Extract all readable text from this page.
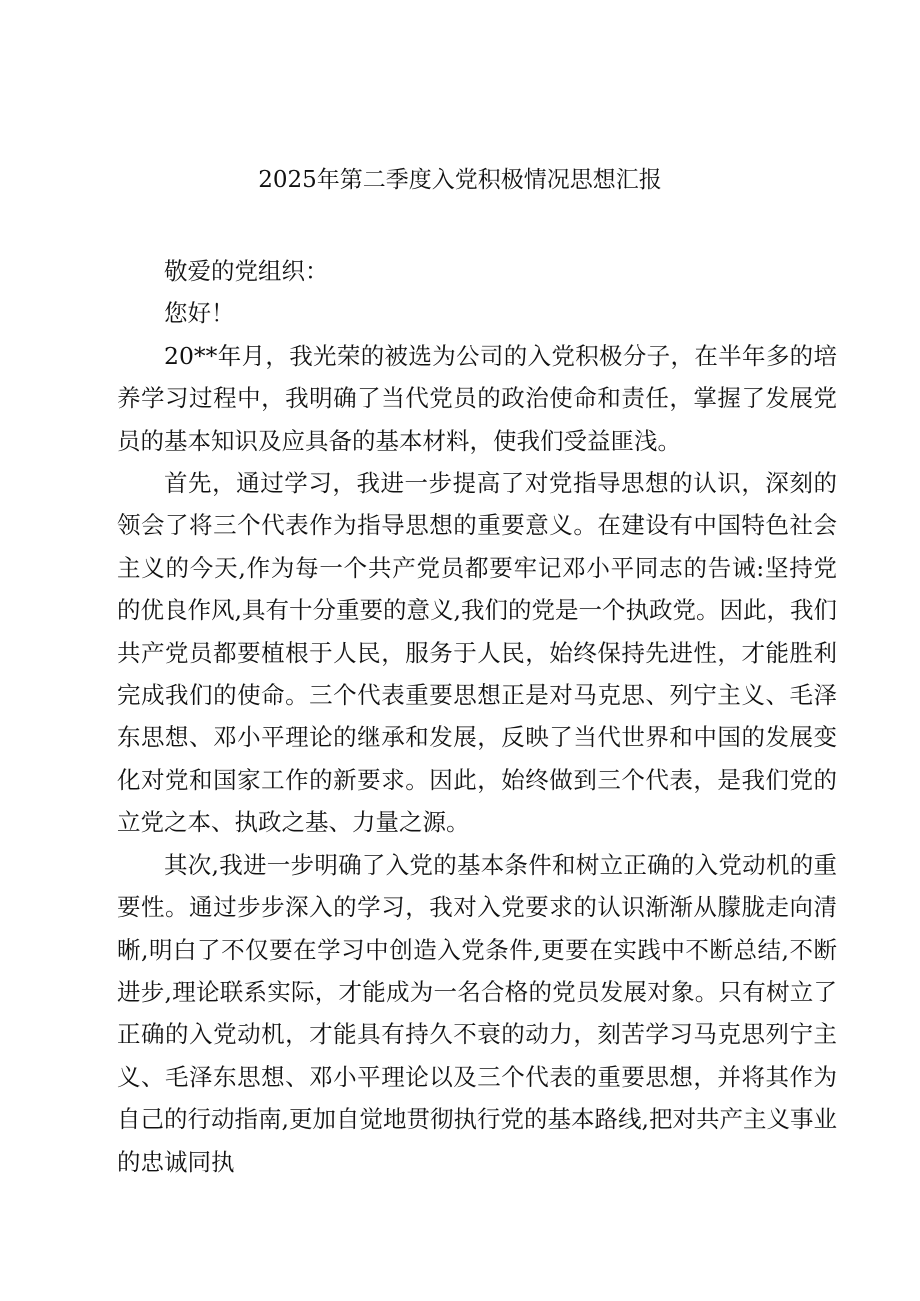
2025年第二季度入党积极情况思想汇报

敬爱的党组织：

您好！

20**年月，我光荣的被选为公司的入党积极分子，在半年多的培养学习过程中，我明确了当代党员的政治使命和责任，掌握了发展党员的基本知识及应具备的基本材料，使我们受益匪浅。

首先，通过学习，我进一步提高了对党指导思想的认识，深刻的领会了将三个代表作为指导思想的重要意义。在建设有中国特色社会主义的今天,作为每一个共产党员都要牢记邓小平同志的告诫:坚持党的优良作风,具有十分重要的意义,我们的党是一个执政党。因此，我们共产党员都要植根于人民，服务于人民，始终保持先进性，才能胜利完成我们的使命。三个代表重要思想正是对马克思、列宁主义、毛泽东思想、邓小平理论的继承和发展，反映了当代世界和中国的发展变化对党和国家工作的新要求。因此，始终做到三个代表，是我们党的立党之本、执政之基、力量之源。

其次,我进一步明确了入党的基本条件和树立正确的入党动机的重要性。通过步步深入的学习，我对入党要求的认识渐渐从朦胧走向清晰,明白了不仅要在学习中创造入党条件,更要在实践中不断总结,不断进步,理论联系实际，才能成为一名合格的党员发展对象。只有树立了正确的入党动机，才能具有持久不衰的动力，刻苦学习马克思列宁主义、毛泽东思想、邓小平理论以及三个代表的重要思想，并将其作为自己的行动指南,更加自觉地贯彻执行党的基本路线,把对共产主义事业的忠诚同执
